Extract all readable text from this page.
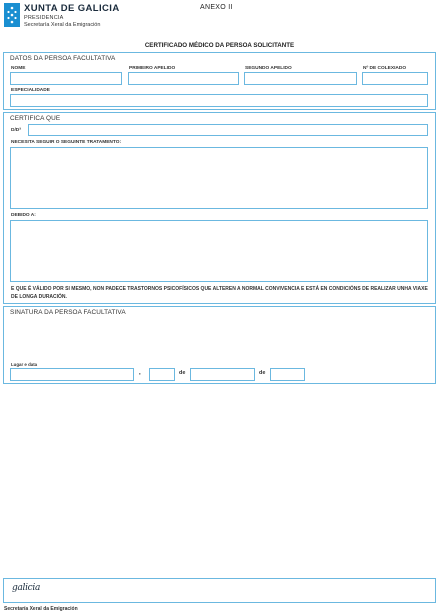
XUNTA DE GALICIA
PRESIDENCIA
Secretaría Xeral da Emigración
ANEXO II
CERTIFICADO MÉDICO DA PERSOA SOLICITANTE
DATOS DA PERSOA FACULTATIVA
NOME	PRIMEIRO APELIDO	SEGUNDO APELIDO	Nº DE COLEXIADO
ESPECIALIDADE
CERTIFICA QUE
D/Dª
NECESITA SEGUIR O SEGUINTE TRATAMENTO:
DEBIDO A:
E QUE É VÁLIDO POR SI MESMO, NON PADECE TRASTORNOS PSICOFÍSICOS QUE ALTEREN A NORMAL CONVIVENCIA E ESTÁ EN CONDICIÓNS DE REALIZAR UNHA VIAXE DE LONGA DURACIÓN.
SINATURA DA PERSOA FACULTATIVA
Lugar e data
,	de	de
galicia
Secretaría Xeral da Emigración
